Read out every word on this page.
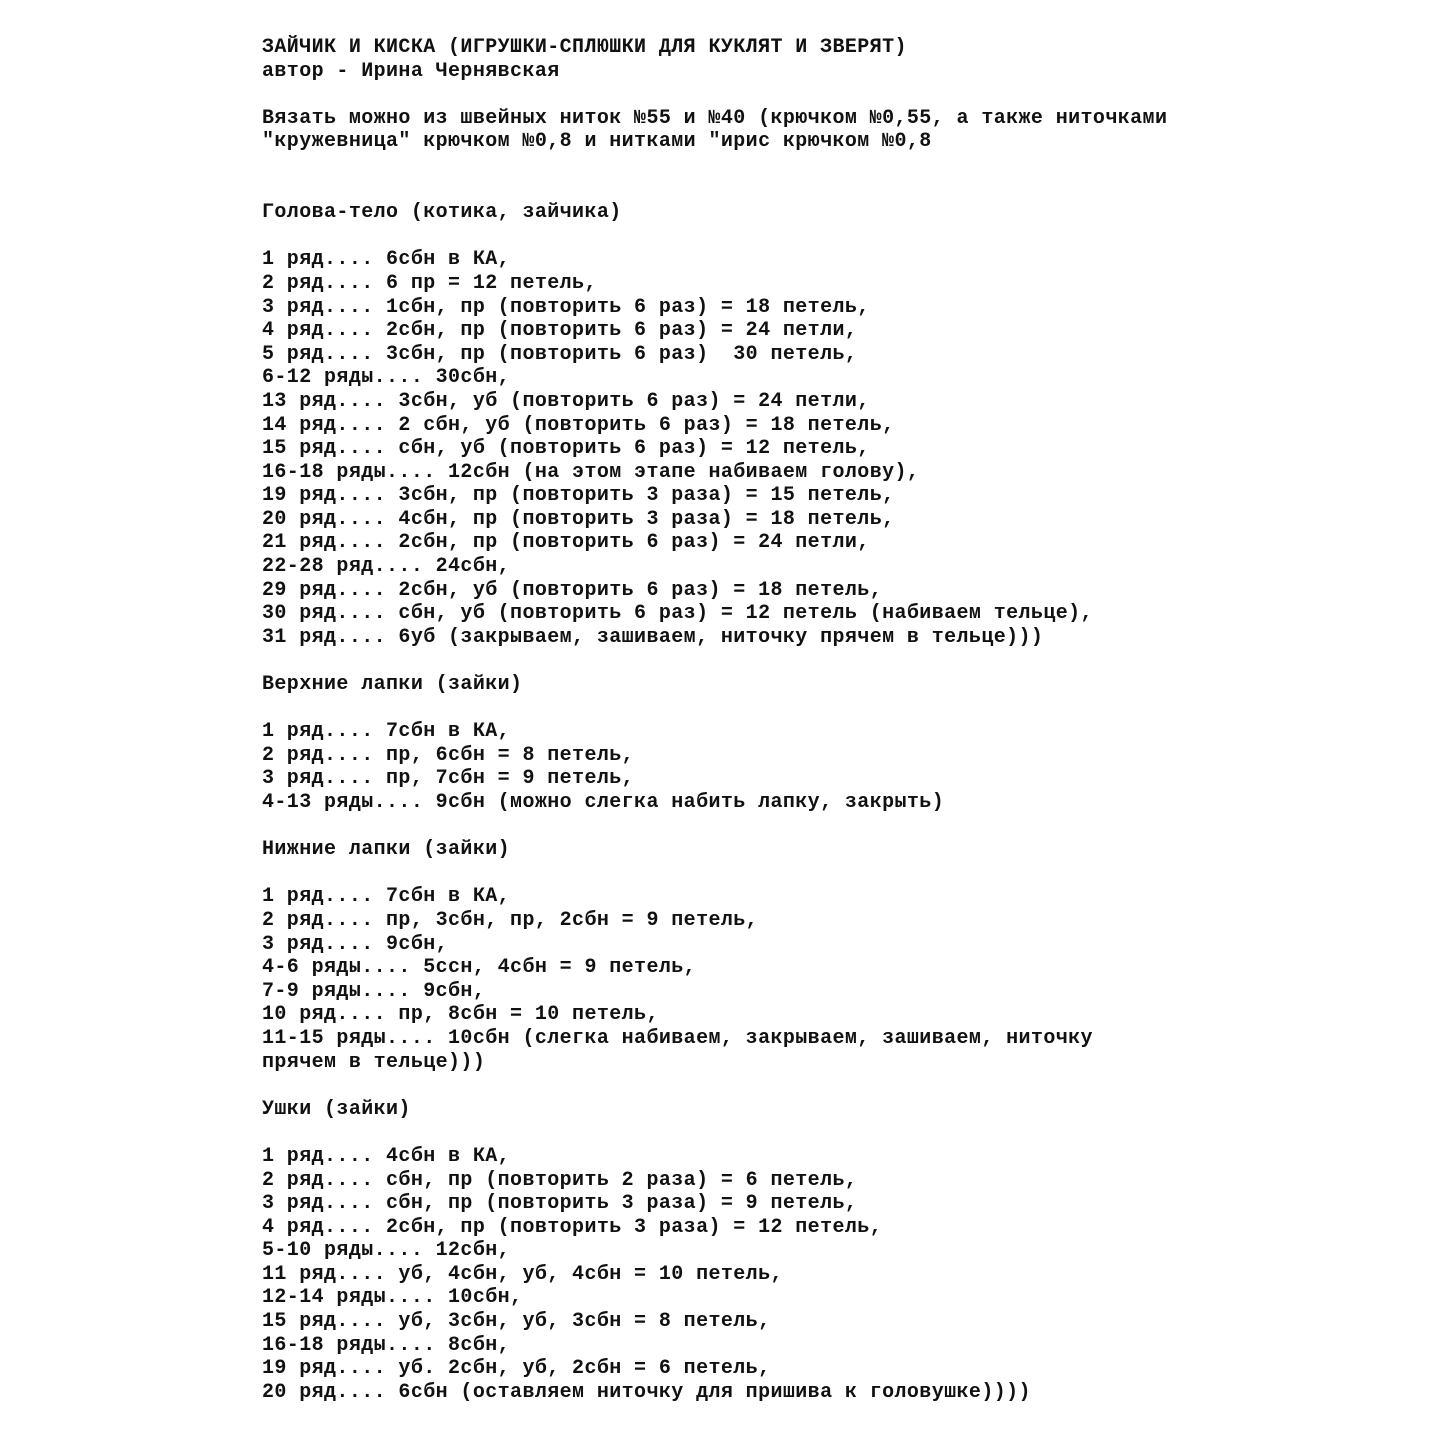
ЗАЙЧИК И КИСКА (ИГРУШКИ-СПЛЮШКИ ДЛЯ КУКЛЯТ И ЗВЕРЯТ)
автор - Ирина Чернявская
Вязать можно из швейных ниток №55 и №40 (крючком №0,55, а также ниточками
"кружевница" крючком №0,8 и нитками "ирис крючком №0,8
Голова-тело (котика, зайчика)
1 ряд.... 6сбн в КА,
2 ряд.... 6 пр = 12 петель,
3 ряд.... 1сбн, пр (повторить 6 раз) = 18 петель,
4 ряд.... 2сбн, пр (повторить 6 раз) = 24 петли,
5 ряд.... 3сбн, пр (повторить 6 раз)  30 петель,
6-12 ряды.... 30сбн,
13 ряд.... 3сбн, уб (повторить 6 раз) = 24 петли,
14 ряд.... 2 сбн, уб (повторить 6 раз) = 18 петель,
15 ряд.... сбн, уб (повторить 6 раз) = 12 петель,
16-18 ряды.... 12сбн (на этом этапе набиваем голову),
19 ряд.... 3сбн, пр (повторить 3 раза) = 15 петель,
20 ряд.... 4сбн, пр (повторить 3 раза) = 18 петель,
21 ряд.... 2сбн, пр (повторить 6 раз) = 24 петли,
22-28 ряд.... 24сбн,
29 ряд.... 2сбн, уб (повторить 6 раз) = 18 петель,
30 ряд.... сбн, уб (повторить 6 раз) = 12 петель (набиваем тельце),
31 ряд.... 6уб (закрываем, зашиваем, ниточку прячем в тельце)))
Верхние лапки (зайки)
1 ряд.... 7сбн в КА,
2 ряд.... пр, 6сбн = 8 петель,
3 ряд.... пр, 7сбн = 9 петель,
4-13 ряды.... 9сбн (можно слегка набить лапку, закрыть)
Нижние лапки (зайки)
1 ряд.... 7сбн в КА,
2 ряд.... пр, 3сбн, пр, 2сбн = 9 петель,
3 ряд.... 9сбн,
4-6 ряды.... 5ссн, 4сбн = 9 петель,
7-9 ряды.... 9сбн,
10 ряд.... пр, 8сбн = 10 петель,
11-15 ряды.... 10сбн (слегка набиваем, закрываем, зашиваем, ниточку
прячем в тельце)))
Ушки (зайки)
1 ряд.... 4сбн в КА,
2 ряд.... сбн, пр (повторить 2 раза) = 6 петель,
3 ряд.... сбн, пр (повторить 3 раза) = 9 петель,
4 ряд.... 2сбн, пр (повторить 3 раза) = 12 петель,
5-10 ряды.... 12сбн,
11 ряд.... уб, 4сбн, уб, 4сбн = 10 петель,
12-14 ряды.... 10сбн,
15 ряд.... уб, 3сбн, уб, 3сбн = 8 петель,
16-18 ряды.... 8сбн,
19 ряд.... уб. 2сбн, уб, 2сбн = 6 петель,
20 ряд.... 6сбн (оставляем ниточку для пришива к головушке))))
